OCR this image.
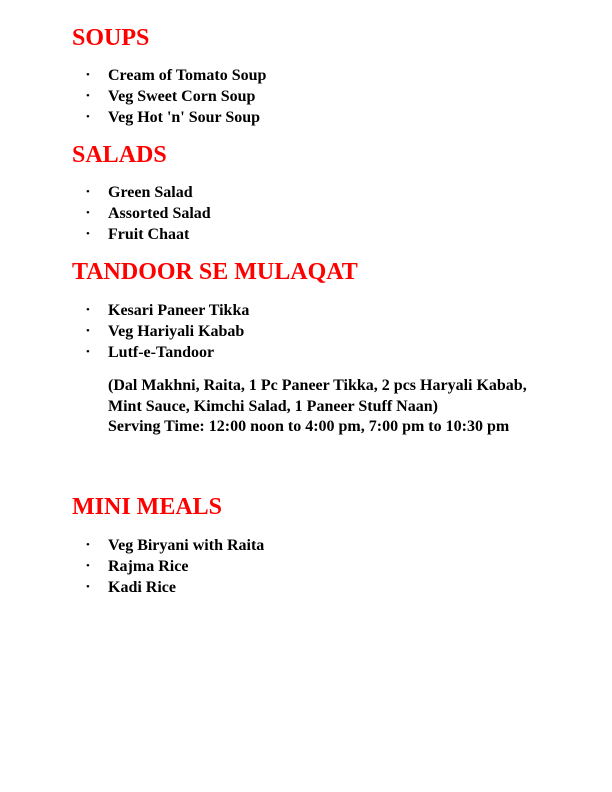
SOUPS
• Cream of Tomato Soup
• Veg Sweet Corn Soup
• Veg Hot 'n' Sour Soup
SALADS
• Green Salad
• Assorted Salad
• Fruit Chaat
TANDOOR SE MULAQAT
• Kesari Paneer Tikka
• Veg Hariyali Kabab
• Lutf-e-Tandoor

(Dal Makhni, Raita, 1 Pc Paneer Tikka, 2 pcs Haryali Kabab,
Mint Sauce, Kimchi Salad, 1 Paneer Stuff Naan)
Serving Time: 12:00 noon to 4:00 pm, 7:00 pm to 10:30 pm

MINI MEALS
• Veg Biryani with Raita
• Rajma Rice
• Kadi Rice
